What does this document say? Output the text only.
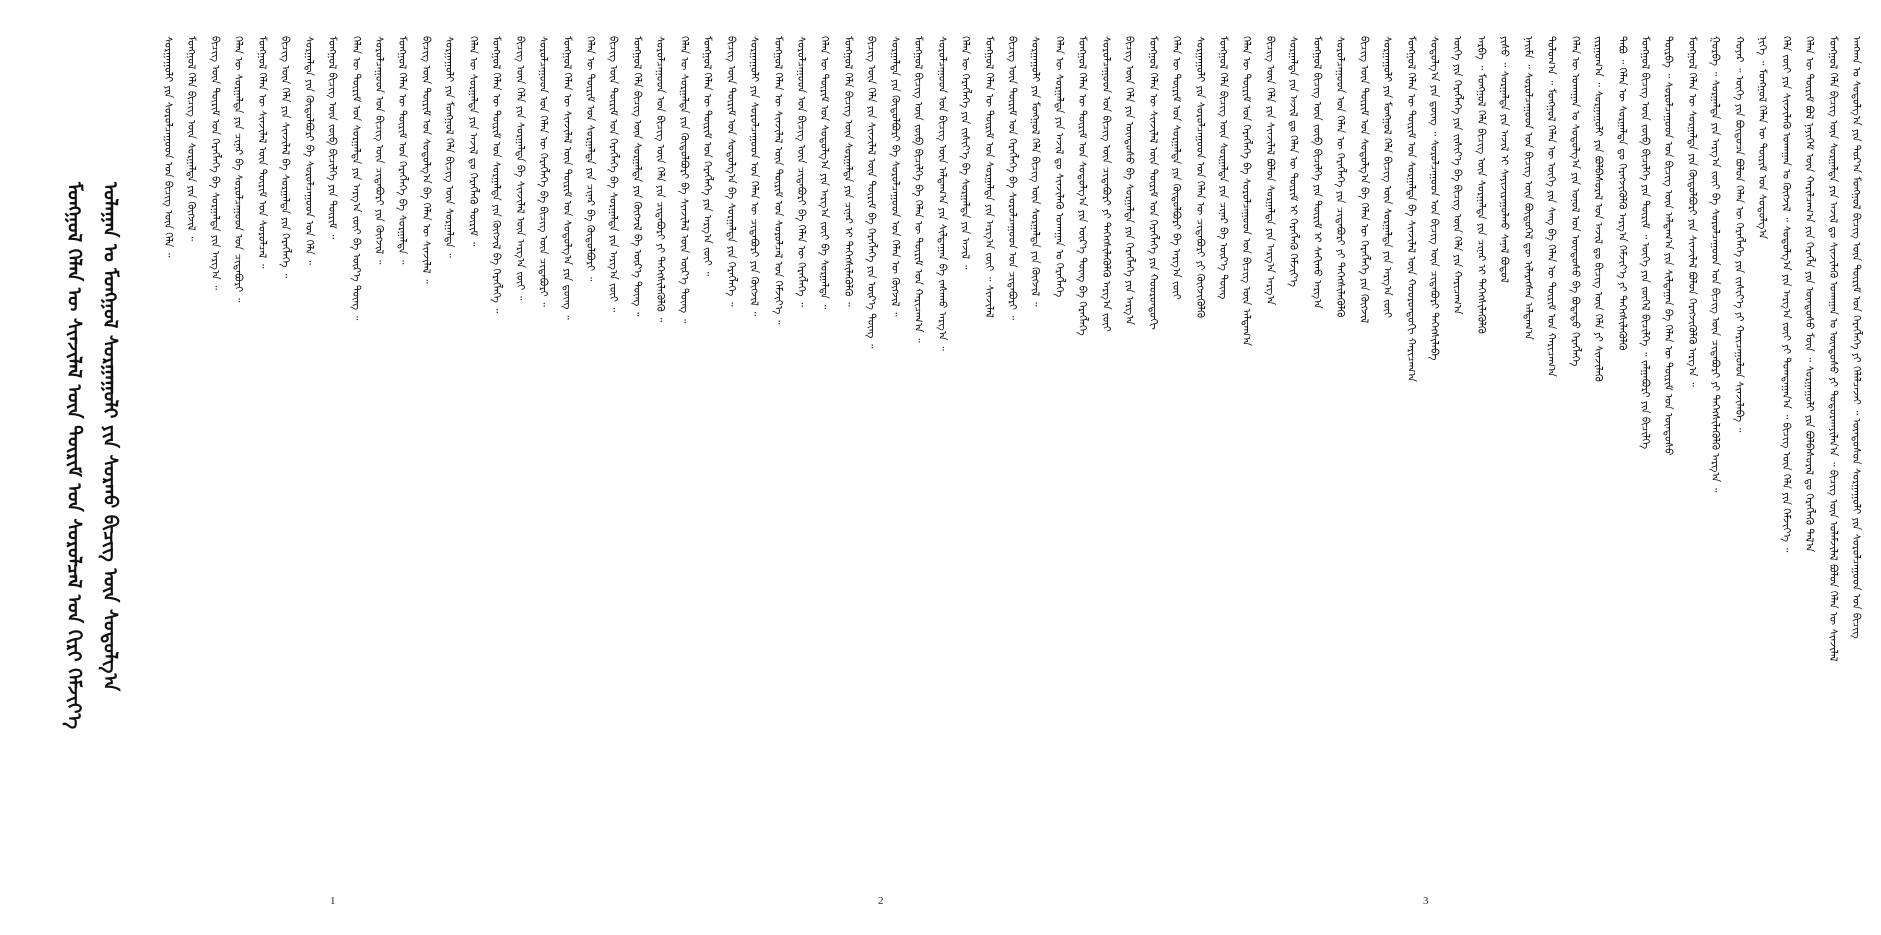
ᠮᠣᠩᠭᠣᠯ ᠬᠡᠯᠡᠨ ᠦ ᠰᠢᠨᠵᠢᠯᠡᠯ ᠦᠨ ᠳᠦᠷᠢᠮ ᠤᠨ ᠰᠤᠷᠤᠯᠴᠠᠯ ᠤᠨ ᠬᠢᠷᠢ ᠬᠡᠮᠵᠢᠶ᠎ᠡ ᠤᠯᠠᠭᠠᠨ ᠤ ᠮᠣᠩᠭᠣᠯ ᠰᠤᠷᠭᠠᠭᠤᠯᠢ ᠶᠢᠨ ᠰᠤᠷᠬᠤ ᠪᠢᠴᠢᠭ ᠦᠨ ᠰᠤᠳᠤᠯᠭ᠎ᠠ	ᠠᠩᠬᠠᠨ ᠤ ᠰᠤᠳᠤᠯᠭ᠎ᠠ ᠶᠢᠨ ᠳᠣᠷ᠎ᠠ ᠮᠣᠩᠭᠣᠯ ᠪᠢᠴᠢᠭ ᠦᠨ ᠳᠦᠷᠢᠮ ᠤᠨ ᠬᠡᠷᠡᠭᠯᠡᠭᠡ ᠶᠢ ᠬᠡᠯᠡᠯᠴᠡᠵᠡᠢ ᠃ ᠦᠨᠳᠦᠰᠦᠨ ᠰᠤᠷᠭᠠᠭᠤᠯᠢ ᠶᠢᠨ ᠰᠤᠷᠤᠯᠴᠠᠭᠤᠳ ᠤᠨ ᠪᠢᠴᠢᠭ᠌
ᠮᠣᠩᠭᠣᠯ ᠬᠡᠯᠡ ᠪᠢᠴᠢᠭ ᠦᠨ ᠰᠤᠷᠭᠠᠯᠲᠠ ᠶᠢᠨ ᠠᠵᠢᠯ ᠳᠤ ᠰᠢᠨᠵᠢᠯᠡᠬᠦ ᠤᠬᠠᠭᠠᠨ ᠤ ᠦᠨᠳᠦᠰᠦ ᠶᠢ ᠲᠣᠳᠣᠷᠬᠠᠶᠢᠯᠠᠨ᠎ᠠ ᠃ ᠪᠢᠴᠢᠭ ᠦᠨ ᠤᠯᠠᠮᠵᠢᠯᠠᠯ ᠪᠣᠯᠤᠨ ᠬᠡᠯᠡᠨ ᠦ ᠰᠢᠨᠵᠢᠯᠡᠯ
ᠬᠡᠯᠡᠨ ᠦ ᠳᠦᠷᠢᠮ ᠪᠣᠯ ᠨᠡᠶᠢᠭᠡᠮ ᠦᠨ ᠬᠠᠷᠢᠯᠴᠠᠭ᠎ᠠ ᠶᠢᠨ ᠬᠡᠷᠡᠭᠯᠡ ᠶᠢᠨ ᠦᠨᠳᠦᠰᠦ ᠮᠥᠨ ᠃ ᠰᠤᠷᠭᠠᠭᠤᠯᠢ ᠶᠢᠨ ᠪᠣᠯᠪᠠᠰᠤᠷᠠᠯ ᠳᠤ ᠬᠡᠷᠡᠭᠯᠡᠬᠦ ᠲᠠᠯ᠎ᠠ
ᠬᠡᠯᠡ ᠵᠦᠢ ᠶᠢᠨ ᠰᠢᠨᠵᠢᠯᠡᠬᠦ ᠤᠬᠠᠭᠠᠨ ᠤ ᠬᠥᠭᠵᠢᠯ ᠃ ᠰᠤᠳᠤᠯᠭ᠎ᠠ ᠶᠢᠨ ᠠᠷᠭ᠎ᠠ ᠵᠦᠢ ᠶᠢ ᠲᠣᠭᠲᠠᠭᠠᠨ᠎ᠠ ᠃ ᠪᠢᠴᠢᠭ ᠦᠨ ᠬᠡᠯᠡ ᠶᠢᠨ ᠬᠡᠮᠵᠢᠶ᠎ᠡ ᠃
ᠨᠢᠭᠡ ᠃ ᠮᠣᠩᠭᠣᠯ ᠬᠡᠯᠡᠨ ᠦ ᠳᠦᠷᠢᠮ ᠤᠨ ᠰᠤᠳᠤᠯᠭ᠎ᠠ
ᠬᠣᠶᠠᠷ ᠃ ᠦᠭᠡ ᠶᠢᠨ ᠪᠦᠲᠦᠴᠡ ᠪᠣᠯᠤᠨ ᠬᠡᠯᠡᠨ ᠦ ᠬᠡᠷᠡᠭᠯᠡᠭᠡ ᠶᠢᠨ ᠵᠢᠱᠢᠶ᠎ᠡ ᠶᠢ ᠬᠠᠷᠢᠴᠠᠭᠤᠯᠤᠨ ᠰᠢᠨᠵᠢᠯᠡᠪᠡ ᠃
ᠭᠤᠷᠪᠠ ᠃ ᠰᠤᠷᠭᠠᠯᠲᠠ ᠶᠢᠨ ᠠᠷᠭ᠎ᠠ ᠵᠦᠢ ᠪᠠ ᠰᠤᠷᠤᠯᠴᠠᠭᠤᠳ ᠤᠨ ᠪᠢᠴᠢᠭ ᠦᠨ ᠴᠢᠳᠠᠪᠤᠷᠢ ᠶᠢ ᠳᠡᠭᠡᠭᠰᠢᠯᠡᠭᠦᠯᠬᠦ ᠠᠷᠭ᠎ᠠ ᠃
ᠮᠣᠩᠭᠣᠯ ᠬᠡᠯᠡᠨ ᠦ ᠰᠤᠷᠭᠠᠯᠲᠠ ᠶᠢᠨ ᠬᠥᠲᠦᠯᠪᠦᠷᠢ ᠶᠢᠨ ᠰᠢᠨᠵᠢᠯᠡᠯ ᠪᠣᠯᠤᠨ ᠬᠡᠷᠡᠭᠵᠢᠭᠦᠯᠬᠦ ᠠᠷᠭ᠎ᠠ ᠃
ᠳᠦᠷᠪᠡ ᠃ ᠰᠤᠷᠤᠯᠴᠠᠭᠤᠳ ᠤᠨ ᠪᠢᠴᠢᠭ ᠦᠨ ᠠᠯᠳᠠᠭ᠎ᠠ ᠶᠢᠨ ᠰᠢᠯᠳᠠᠭᠠᠨ ᠪᠠ ᠬᠡᠯᠡᠨ ᠦ ᠳᠦᠷᠢᠮ ᠤᠨ ᠦᠨᠳᠦᠰᠦ
ᠮᠣᠩᠭᠣᠯ ᠪᠢᠴᠢᠭ ᠦᠨ ᠵᠥᠪ ᠪᠢᠴᠢᠯᠭᠡ ᠶᠢᠨ ᠳᠦᠷᠢᠮ ᠃ ᠦᠭᠡ ᠶᠢᠨ ᠵᠦᠭᠡᠯ ᠪᠢᠴᠢᠯᠭᠡ ᠃ ᠵᠠᠯᠭᠠᠪᠤᠷᠢ ᠶᠢᠨ ᠪᠢᠴᠢᠯᠭᠡ
ᠲᠠᠪᠤ ᠃ ᠬᠡᠯᠡᠨ ᠦ ᠰᠤᠷᠭᠠᠯᠲᠠ ᠳᠤ ᠬᠡᠷᠡᠭᠵᠢᠭᠦᠯᠬᠦ ᠠᠷᠭ᠎ᠠ ᠬᠡᠮᠵᠢᠶ᠎ᠡ ᠶᠢ ᠳᠡᠭᠡᠭᠰᠢᠯᠡᠭᠦᠯᠬᠦ
ᠵᠢᠷᠭᠤᠭ᠎ᠠ ᠃ ᠰᠤᠷᠭᠠᠭᠤᠯᠢ ᠶᠢᠨ ᠪᠣᠯᠪᠠᠰᠤᠷᠠᠯ ᠤᠨ ᠠᠵᠢᠯ ᠳᠤ ᠪᠢᠴᠢᠭ ᠦᠨ ᠬᠡᠯᠡ ᠶᠢ ᠰᠢᠨᠵᠢᠯᠡᠬᠦ
ᠬᠡᠯᠡᠨ ᠦ ᠤᠬᠠᠭᠠᠨ ᠤ ᠰᠤᠳᠤᠯᠭ᠎ᠠ ᠶᠢᠨ ᠣᠨᠣᠯ ᠤᠨ ᠦᠨᠳᠦᠰᠦ ᠪᠠ ᠪᠣᠳᠠᠲᠤ ᠬᠡᠷᠡᠭᠯᠡᠭᠡ
ᠳᠣᠯᠣᠭ᠎ᠠ ᠃ ᠮᠣᠩᠭᠣᠯ ᠬᠡᠯᠡᠨ ᠦ ᠦᠭᠡ ᠶᠢᠨ ᠰᠠᠩ ᠪᠠ ᠬᠡᠯᠡᠨ ᠦ ᠳᠦᠷᠢᠮ ᠤᠨ ᠬᠠᠷᠢᠴᠠᠭ᠎ᠠ
ᠨᠠᠢᠮᠠ ᠃ ᠰᠤᠷᠤᠯᠴᠠᠭᠤᠳ ᠤᠨ ᠪᠢᠴᠢᠭ ᠦᠨ ᠪᠦᠲᠦᠭᠡᠯ ᠳᠦ ᠢᠯᠡᠷᠡᠭᠰᠡᠨ ᠠᠯᠳᠠᠭ᠎ᠠ
ᠶᠢᠰᠦ ᠃ ᠰᠤᠷᠭᠠᠯᠲᠠ ᠶᠢᠨ ᠠᠵᠢᠯ ᠢ ᠰᠠᠶᠢᠵᠢᠷᠠᠭᠤᠯᠬᠤ ᠰᠠᠨᠠᠯ ᠪᠣᠳᠤᠯ
ᠠᠷᠪᠠ ᠃ ᠮᠣᠩᠭᠣᠯ ᠬᠡᠯᠡ ᠪᠢᠴᠢᠭ ᠦᠨ ᠰᠤᠷᠭᠠᠯᠲᠠ ᠶᠢᠨ ᠴᠢᠨᠠᠷ ᠢ ᠳᠡᠭᠡᠭᠰᠢᠯᠡᠭᠦᠯᠬᠦ
ᠦᠭᠡ ᠶᠢᠨ ᠬᠡᠷᠡᠭᠯᠡᠭᠡ ᠶᠢᠨ ᠵᠢᠱᠢᠶ᠎ᠡ ᠪᠠ ᠪᠢᠴᠢᠭ ᠦᠨ ᠬᠡᠯᠡ ᠶᠢᠨ ᠬᠠᠷᠢᠴᠠᠭ᠎ᠠ
ᠰᠤᠳᠤᠯᠭ᠎ᠠ ᠶᠢᠨ ᠳ᠋ᠦᠩ ᠃ ᠰᠤᠷᠤᠯᠴᠠᠭᠤᠳ ᠤᠨ ᠪᠢᠴᠢᠭ ᠦᠨ ᠴᠢᠳᠠᠪᠤᠷᠢ ᠳᠡᠭᠡᠭᠰᠢᠯᠡᠪᠡ
ᠮᠣᠩᠭᠣᠯ ᠬᠡᠯᠡᠨ ᠦ ᠳᠦᠷᠢᠮ ᠤᠨ ᠰᠤᠷᠭᠠᠯᠲᠠ ᠪᠠ ᠰᠢᠨᠵᠢᠯᠡᠯ ᠦᠨ ᠬᠣᠣᠷᠣᠨᠳᠣᠬᠢ ᠬᠠᠷᠢᠴᠠᠭ᠎ᠠ
ᠰᠤᠷᠭᠠᠭᠤᠯᠢ ᠶᠢᠨ ᠮᠣᠩᠭᠣᠯ ᠬᠡᠯᠡ ᠪᠢᠴᠢᠭ ᠦᠨ ᠰᠤᠷᠭᠠᠯᠲᠠ ᠶᠢᠨ ᠠᠷᠭ᠎ᠠ ᠵᠦᠢ
ᠪᠢᠴᠢᠭ ᠦᠨ ᠳᠦᠷᠢᠮ ᠤᠨ ᠰᠤᠳᠤᠯᠭ᠎ᠠ ᠪᠠ ᠬᠡᠯᠡᠨ ᠦ ᠬᠡᠷᠡᠭᠯᠡᠭᠡ ᠶᠢᠨ ᠬᠥᠭᠵᠢᠯ
ᠰᠤᠷᠤᠯᠴᠠᠭᠤᠳ ᠤᠨ ᠬᠡᠯᠡᠨ ᠦ ᠬᠡᠷᠡᠭᠯᠡᠭᠡ ᠶᠢᠨ ᠴᠢᠳᠠᠪᠤᠷᠢ ᠶᠢ ᠳᠡᠭᠡᠭᠰᠢᠯᠡᠭᠦᠯᠬᠦ
ᠮᠣᠩᠭᠣᠯ ᠪᠢᠴᠢᠭ ᠦᠨ ᠵᠥᠪ ᠪᠢᠴᠢᠯᠭᠡ ᠶᠢᠨ ᠳᠦᠷᠢᠮ ᠢ ᠰᠠᠬᠢᠬᠤ ᠠᠷᠭ᠎ᠠ
ᠰᠤᠷᠭᠠᠯᠲᠠ ᠶᠢᠨ ᠠᠵᠢᠯ ᠳᠤ ᠬᠡᠯᠡᠨ ᠦ ᠳᠦᠷᠢᠮ ᠢ ᠬᠡᠷᠡᠭᠯᠡᠬᠦ ᠬᠡᠮᠵᠢᠶ᠎ᠡ
ᠪᠢᠴᠢᠭ ᠦᠨ ᠬᠡᠯᠡ ᠶᠢᠨ ᠰᠢᠨᠵᠢᠯᠡᠯ ᠪᠣᠯᠤᠨ ᠰᠤᠷᠭᠠᠯᠲᠠ ᠶᠢᠨ ᠠᠷᠭ᠎ᠠ ᠠᠷᠭ᠎ᠠ
ᠬᠡᠯᠡᠨ ᠦ ᠳᠦᠷᠢᠮ ᠤᠨ ᠬᠡᠷᠡᠭᠯᠡᠭᠡ ᠪᠠ ᠰᠤᠷᠤᠯᠴᠠᠭᠤᠳ ᠤᠨ ᠪᠢᠴᠢᠭ ᠦᠨ ᠠᠯᠳᠠᠭ᠎ᠠ
ᠮᠣᠩᠭᠣᠯ ᠬᠡᠯᠡ ᠪᠢᠴᠢᠭ ᠦᠨ ᠰᠤᠷᠭᠠᠯᠲᠠ ᠶᠢᠨ ᠴᠢᠨᠠᠷ ᠪᠠ ᠦᠷ᠎ᠡ ᠳᠦᠩ
ᠰᠤᠷᠭᠠᠭᠤᠯᠢ ᠶᠢᠨ ᠰᠤᠷᠤᠯᠴᠠᠭᠤᠳ ᠤᠨ ᠬᠡᠯᠡᠨ ᠦ ᠴᠢᠳᠠᠪᠤᠷᠢ ᠶᠢ ᠬᠥᠭᠵᠢᠭᠦᠯᠬᠦ
ᠬᠡᠯᠡᠨ ᠦ ᠳᠦᠷᠢᠮ ᠤᠨ ᠰᠤᠷᠭᠠᠯᠲᠠ ᠶᠢᠨ ᠬᠥᠲᠦᠯᠪᠦᠷᠢ ᠪᠠ ᠠᠷᠭ᠎ᠠ ᠵᠦᠢ
ᠮᠣᠩᠭᠣᠯ ᠬᠡᠯᠡᠨ ᠦ ᠰᠢᠨᠵᠢᠯᠡᠯ ᠦᠨ ᠳᠦᠷᠢᠮ ᠤᠨ ᠬᠡᠷᠡᠭᠯᠡᠭᠡ ᠶᠢᠨ ᠬᠣᠣᠷᠣᠨᠳᠣᠬᠢ
ᠪᠢᠴᠢᠭ ᠦᠨ ᠬᠡᠯᠡ ᠶᠢᠨ ᠦᠨᠳᠦᠰᠦ ᠪᠠ ᠰᠤᠷᠭᠠᠯᠲᠠ ᠶᠢᠨ ᠬᠡᠷᠡᠭᠯᠡᠭᠡ ᠶᠢᠨ ᠠᠷᠭ᠎ᠠ
ᠰᠤᠷᠤᠯᠴᠠᠭᠤᠳ ᠤᠨ ᠪᠢᠴᠢᠭ ᠦᠨ ᠴᠢᠳᠠᠪᠤᠷᠢ ᠶᠢ ᠳᠡᠭᠡᠭᠰᠢᠯᠡᠭᠦᠯᠬᠦ ᠠᠷᠭ᠎ᠠ ᠵᠦᠢ
ᠮᠣᠩᠭᠣᠯ ᠬᠡᠯᠡᠨ ᠦ ᠳᠦᠷᠢᠮ ᠤᠨ ᠰᠤᠳᠤᠯᠭ᠎ᠠ ᠶᠢᠨ ᠦᠷ᠎ᠡ ᠳᠦᠩ ᠪᠠ ᠬᠡᠷᠡᠭᠯᠡᠭᠡ
ᠬᠡᠯᠡᠨ ᠦ ᠰᠤᠷᠭᠠᠯᠲᠠ ᠶᠢᠨ ᠠᠵᠢᠯ ᠳᠤ ᠰᠢᠨᠵᠢᠯᠡᠬᠦ ᠤᠬᠠᠭᠠᠨ ᠤ ᠬᠡᠷᠡᠭᠯᠡᠭᠡ
ᠰᠤᠷᠭᠠᠭᠤᠯᠢ ᠶᠢᠨ ᠮᠣᠩᠭᠣᠯ ᠬᠡᠯᠡ ᠪᠢᠴᠢᠭ ᠦᠨ ᠰᠤᠷᠭᠠᠯᠲᠠ ᠶᠢᠨ ᠬᠥᠭᠵᠢᠯ ᠃
ᠪᠢᠴᠢᠭ ᠦᠨ ᠳᠦᠷᠢᠮ ᠤᠨ ᠬᠡᠷᠡᠭᠯᠡᠭᠡ ᠪᠠ ᠰᠤᠷᠤᠯᠴᠠᠭᠤᠳ ᠤᠨ ᠴᠢᠳᠠᠪᠤᠷᠢ ᠃
ᠮᠣᠩᠭᠣᠯ ᠬᠡᠯᠡᠨ ᠦ ᠳᠦᠷᠢᠮ ᠤᠨ ᠰᠤᠷᠭᠠᠯᠲᠠ ᠶᠢᠨ ᠠᠷᠭ᠎ᠠ ᠵᠦᠢ ᠃ ᠰᠢᠨᠵᠢᠯᠡᠯ
ᠬᠡᠯᠡᠨ ᠦ ᠬᠡᠷᠡᠭᠯᠡᠭᠡ ᠶᠢᠨ ᠵᠢᠱᠢᠶ᠎ᠡ ᠪᠠ ᠰᠤᠷᠭᠠᠯᠲᠠ ᠶᠢᠨ ᠠᠵᠢᠯ ᠃
ᠰᠤᠷᠤᠯᠴᠠᠭᠤᠳ ᠤᠨ ᠪᠢᠴᠢᠭ ᠦᠨ ᠠᠯᠳᠠᠭ᠎ᠠ ᠶᠢᠨ ᠰᠢᠯᠳᠠᠭᠠᠨ ᠪᠠ ᠵᠠᠰᠠᠬᠤ ᠠᠷᠭ᠎ᠠ ᠃
ᠮᠣᠩᠭᠣᠯ ᠪᠢᠴᠢᠭ ᠦᠨ ᠵᠥᠪ ᠪᠢᠴᠢᠯᠭᠡ ᠪᠠ ᠬᠡᠯᠡᠨ ᠦ ᠳᠦᠷᠢᠮ ᠤᠨ ᠬᠠᠷᠢᠴᠠᠭ᠎ᠠ ᠃
ᠰᠤᠷᠭᠠᠯᠲᠠ ᠶᠢᠨ ᠬᠥᠲᠦᠯᠪᠦᠷᠢ ᠪᠠ ᠰᠤᠷᠤᠯᠴᠠᠭᠤᠳ ᠤᠨ ᠬᠡᠯᠡᠨ ᠦ ᠬᠥᠭᠵᠢᠯ ᠃
ᠪᠢᠴᠢᠭ ᠦᠨ ᠬᠡᠯᠡ ᠶᠢᠨ ᠰᠢᠨᠵᠢᠯᠡᠯ ᠦᠨ ᠳᠦᠷᠢᠮ ᠪᠠ ᠬᠡᠷᠡᠭᠯᠡᠭᠡ ᠶᠢᠨ ᠦᠷ᠎ᠡ ᠳᠦᠩ ᠃
ᠮᠣᠩᠭᠣᠯ ᠬᠡᠯᠡ ᠪᠢᠴᠢᠭ ᠦᠨ ᠰᠤᠷᠭᠠᠯᠲᠠ ᠶᠢᠨ ᠴᠢᠨᠠᠷ ᠢ ᠳᠡᠭᠡᠭᠰᠢᠯᠡᠭᠦᠯᠬᠦ ᠃
ᠬᠡᠯᠡᠨ ᠦ ᠳᠦᠷᠢᠮ ᠤᠨ ᠰᠤᠳᠤᠯᠭ᠎ᠠ ᠶᠢᠨ ᠠᠷᠭ᠎ᠠ ᠵᠦᠢ ᠪᠠ ᠰᠤᠷᠭᠠᠯᠲᠠ ᠃
ᠰᠤᠷᠤᠯᠴᠠᠭᠤᠳ ᠤᠨ ᠪᠢᠴᠢᠭ ᠦᠨ ᠴᠢᠳᠠᠪᠤᠷᠢ ᠪᠠ ᠬᠡᠯᠡᠨ ᠦ ᠬᠡᠷᠡᠭᠯᠡᠭᠡ ᠃
ᠮᠣᠩᠭᠣᠯ ᠬᠡᠯᠡᠨ ᠦ ᠰᠢᠨᠵᠢᠯᠡᠯ ᠦᠨ ᠳᠦᠷᠢᠮ ᠤᠨ ᠰᠤᠷᠤᠯᠴᠠᠯ ᠤᠨ ᠬᠡᠮᠵᠢᠶ᠎ᠡ ᠃
ᠰᠤᠷᠭᠠᠭᠤᠯᠢ ᠶᠢᠨ ᠰᠤᠷᠤᠯᠴᠠᠭᠤᠳ ᠤᠨ ᠬᠡᠯᠡᠨ ᠦ ᠴᠢᠳᠠᠪᠤᠷᠢ ᠶᠢᠨ ᠬᠥᠭᠵᠢᠯ ᠃
ᠪᠢᠴᠢᠭ ᠦᠨ ᠳᠦᠷᠢᠮ ᠤᠨ ᠰᠤᠳᠤᠯᠭ᠎ᠠ ᠪᠠ ᠰᠤᠷᠭᠠᠯᠲᠠ ᠶᠢᠨ ᠬᠡᠷᠡᠭᠯᠡᠭᠡ ᠃
ᠮᠣᠩᠭᠣᠯ ᠬᠡᠯᠡᠨ ᠦ ᠳᠦᠷᠢᠮ ᠤᠨ ᠬᠡᠷᠡᠭᠯᠡᠭᠡ ᠶᠢᠨ ᠠᠷᠭ᠎ᠠ ᠵᠦᠢ ᠃
ᠬᠡᠯᠡᠨ ᠦ ᠰᠤᠷᠭᠠᠯᠲᠠ ᠶᠢᠨ ᠬᠥᠲᠦᠯᠪᠦᠷᠢ ᠪᠠ ᠰᠢᠨᠵᠢᠯᠡᠯ ᠦᠨ ᠦᠷ᠎ᠡ ᠳᠦᠩ ᠃
ᠰᠤᠷᠤᠯᠴᠠᠭᠤᠳ ᠤᠨ ᠪᠢᠴᠢᠭ ᠦᠨ ᠬᠡᠯᠡ ᠶᠢᠨ ᠴᠢᠳᠠᠪᠤᠷᠢ ᠶᠢ ᠳᠡᠭᠡᠭᠰᠢᠯᠡᠭᠦᠯᠬᠦ ᠃
ᠮᠣᠩᠭᠣᠯ ᠬᠡᠯᠡ ᠪᠢᠴᠢᠭ ᠦᠨ ᠰᠤᠷᠭᠠᠯᠲᠠ ᠶᠢᠨ ᠬᠥᠭᠵᠢᠯ ᠪᠠ ᠦᠷ᠎ᠡ ᠳᠦᠩ ᠃
ᠪᠢᠴᠢᠭ ᠦᠨ ᠳᠦᠷᠢᠮ ᠤᠨ ᠬᠡᠷᠡᠭᠯᠡᠭᠡ ᠪᠠ ᠰᠤᠷᠭᠠᠯᠲᠠ ᠶᠢᠨ ᠠᠷᠭ᠎ᠠ ᠵᠦᠢ ᠃
ᠬᠡᠯᠡᠨ ᠦ ᠳᠦᠷᠢᠮ ᠤᠨ ᠰᠤᠷᠭᠠᠯᠲᠠ ᠶᠢᠨ ᠴᠢᠨᠠᠷ ᠪᠠ ᠬᠥᠲᠦᠯᠪᠦᠷᠢ ᠃
ᠮᠣᠩᠭᠣᠯ ᠬᠡᠯᠡᠨ ᠦ ᠰᠢᠨᠵᠢᠯᠡᠯ ᠦᠨ ᠳᠦᠷᠢᠮ ᠤᠨ ᠰᠤᠳᠤᠯᠭ᠎ᠠ ᠶᠢᠨ ᠳ᠋ᠦᠩ ᠃
ᠰᠤᠷᠤᠯᠴᠠᠭᠤᠳ ᠤᠨ ᠬᠡᠯᠡᠨ ᠦ ᠬᠡᠷᠡᠭᠯᠡᠭᠡ ᠪᠠ ᠪᠢᠴᠢᠭ ᠦᠨ ᠴᠢᠳᠠᠪᠤᠷᠢ ᠃
ᠪᠢᠴᠢᠭ ᠦᠨ ᠬᠡᠯᠡ ᠶᠢᠨ ᠰᠤᠷᠭᠠᠯᠲᠠ ᠪᠠ ᠰᠢᠨᠵᠢᠯᠡᠯ ᠦᠨ ᠠᠷᠭ᠎ᠠ ᠵᠦᠢ ᠃
ᠮᠣᠩᠭᠣᠯ ᠬᠡᠯᠡᠨ ᠦ ᠳᠦᠷᠢᠮ ᠤᠨ ᠰᠤᠷᠭᠠᠯᠲᠠ ᠶᠢᠨ ᠬᠥᠭᠵᠢᠯ ᠪᠠ ᠬᠡᠷᠡᠭᠯᠡᠭᠡ ᠃
ᠬᠡᠯᠡᠨ ᠦ ᠰᠤᠷᠭᠠᠯᠲᠠ ᠶᠢᠨ ᠠᠵᠢᠯ ᠳᠤ ᠬᠡᠷᠡᠭᠯᠡᠬᠦ ᠳᠦᠷᠢᠮ ᠃
ᠰᠤᠷᠭᠠᠭᠤᠯᠢ ᠶᠢᠨ ᠮᠣᠩᠭᠣᠯ ᠬᠡᠯᠡ ᠪᠢᠴᠢᠭ ᠦᠨ ᠰᠤᠷᠭᠠᠯᠲᠠ ᠃
ᠪᠢᠴᠢᠭ ᠦᠨ ᠳᠦᠷᠢᠮ ᠤᠨ ᠰᠤᠳᠤᠯᠭ᠎ᠠ ᠪᠠ ᠬᠡᠯᠡᠨ ᠦ ᠰᠢᠨᠵᠢᠯᠡᠯ ᠃
ᠮᠣᠩᠭᠣᠯ ᠬᠡᠯᠡᠨ ᠦ ᠳᠦᠷᠢᠮ ᠤᠨ ᠬᠡᠷᠡᠭᠯᠡᠭᠡ ᠪᠠ ᠰᠤᠷᠭᠠᠯᠲᠠ ᠃
ᠰᠤᠷᠤᠯᠴᠠᠭᠤᠳ ᠤᠨ ᠪᠢᠴᠢᠭ ᠦᠨ ᠴᠢᠳᠠᠪᠤᠷᠢ ᠶᠢᠨ ᠬᠥᠭᠵᠢᠯ ᠃
ᠬᠡᠯᠡᠨ ᠦ ᠳᠦᠷᠢᠮ ᠤᠨ ᠰᠤᠷᠭᠠᠯᠲᠠ ᠶᠢᠨ ᠠᠷᠭ᠎ᠠ ᠵᠦᠢ ᠪᠠ ᠦᠷ᠎ᠡ ᠳᠦᠩ ᠃
ᠮᠣᠩᠭᠣᠯ ᠪᠢᠴᠢᠭ ᠦᠨ ᠵᠥᠪ ᠪᠢᠴᠢᠯᠭᠡ ᠶᠢᠨ ᠳᠦᠷᠢᠮ ᠃
ᠰᠤᠷᠭᠠᠯᠲᠠ ᠶᠢᠨ ᠬᠥᠲᠦᠯᠪᠦᠷᠢ ᠪᠠ ᠰᠤᠷᠤᠯᠴᠠᠭᠤᠳ ᠤᠨ ᠬᠡᠯᠡ ᠃
ᠪᠢᠴᠢᠭ ᠦᠨ ᠬᠡᠯᠡ ᠶᠢᠨ ᠰᠢᠨᠵᠢᠯᠡᠯ ᠪᠠ ᠰᠤᠷᠭᠠᠯᠲᠠ ᠶᠢᠨ ᠬᠡᠷᠡᠭᠯᠡᠭᠡ ᠃
ᠮᠣᠩᠭᠣᠯ ᠬᠡᠯᠡᠨ ᠦ ᠰᠢᠨᠵᠢᠯᠡᠯ ᠦᠨ ᠳᠦᠷᠢᠮ ᠤᠨ ᠰᠤᠷᠤᠯᠴᠠᠯ ᠃
ᠬᠡᠯᠡᠨ ᠦ ᠰᠤᠷᠭᠠᠯᠲᠠ ᠶᠢᠨ ᠴᠢᠨᠠᠷ ᠪᠠ ᠰᠤᠷᠤᠯᠴᠠᠭᠤᠳ ᠤᠨ ᠴᠢᠳᠠᠪᠤᠷᠢ ᠃
ᠪᠢᠴᠢᠭ ᠦᠨ ᠳᠦᠷᠢᠮ ᠤᠨ ᠬᠡᠷᠡᠭᠯᠡᠭᠡ ᠪᠠ ᠰᠤᠷᠭᠠᠯᠲᠠ ᠶᠢᠨ ᠠᠷᠭ᠎ᠠ ᠃
ᠮᠣᠩᠭᠣᠯ ᠬᠡᠯᠡ ᠪᠢᠴᠢᠭ ᠦᠨ ᠰᠤᠷᠭᠠᠯᠲᠠ ᠶᠢᠨ ᠬᠥᠭᠵᠢᠯ ᠃
ᠰᠤᠷᠭᠠᠭᠤᠯᠢ ᠶᠢᠨ ᠰᠤᠷᠤᠯᠴᠠᠭᠤᠳ ᠤᠨ ᠪᠢᠴᠢᠭ ᠦᠨ ᠬᠡᠯᠡ ᠃
1	2	3
